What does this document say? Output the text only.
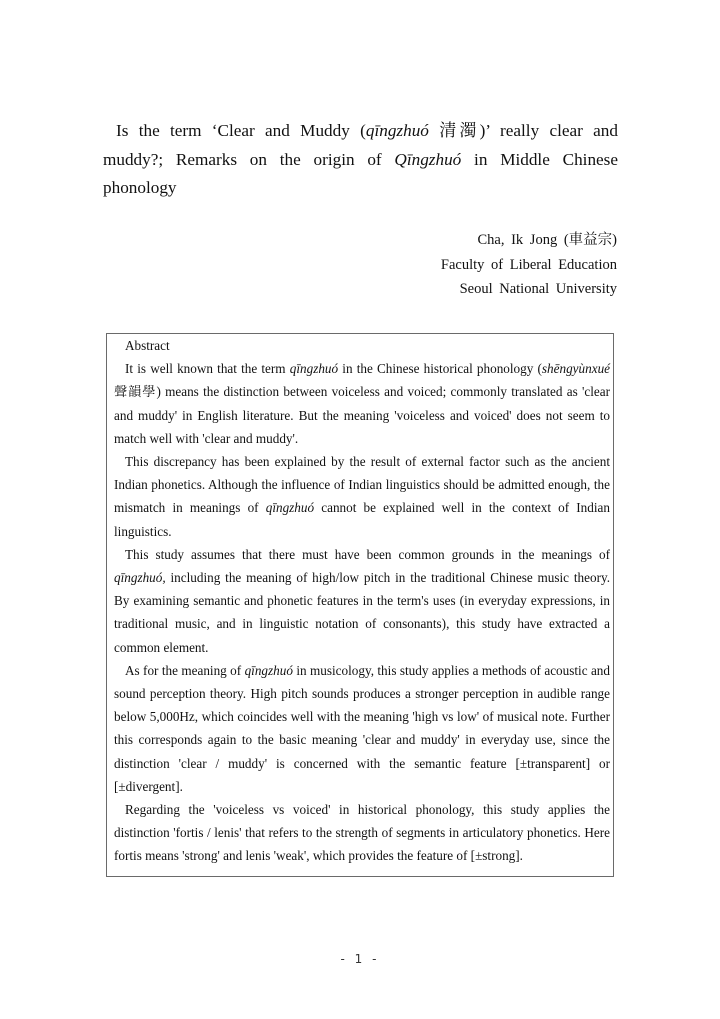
Is the term ‘Clear and Muddy (qīngzhuó 清濁)’ really clear and muddy?; Remarks on the origin of Qīngzhuó in Middle Chinese phonology
Cha, Ik Jong (車益宗)
Faculty of Liberal Education
Seoul National University
Abstract

It is well known that the term qīngzhuó in the Chinese historical phonology (shēngyùnxué 聲韻學) means the distinction between voiceless and voiced; commonly translated as 'clear and muddy' in English literature. But the meaning 'voiceless and voiced' does not seem to match well with 'clear and muddy'.

This discrepancy has been explained by the result of external factor such as the ancient Indian phonetics. Although the influence of Indian linguistics should be admitted enough, the mismatch in meanings of qīngzhuó cannot be explained well in the context of Indian linguistics.

This study assumes that there must have been common grounds in the meanings of qīngzhuó, including the meaning of high/low pitch in the traditional Chinese music theory. By examining semantic and phonetic features in the term's uses (in everyday expressions, in traditional music, and in linguistic notation of consonants), this study have extracted a common element.

As for the meaning of qīngzhuó in musicology, this study applies a methods of acoustic and sound perception theory. High pitch sounds produces a stronger perception in audible range below 5,000Hz, which coincides well with the meaning 'high vs low' of musical note. Further this corresponds again to the basic meaning 'clear and muddy' in everyday use, since the distinction 'clear / muddy' is concerned with the semantic feature [±transparent] or [±divergent].

Regarding the 'voiceless vs voiced' in historical phonology, this study applies the distinction 'fortis / lenis' that refers to the strength of segments in articulatory phonetics. Here fortis means 'strong' and lenis 'weak', which provides the feature of [±strong].

- 1 -
